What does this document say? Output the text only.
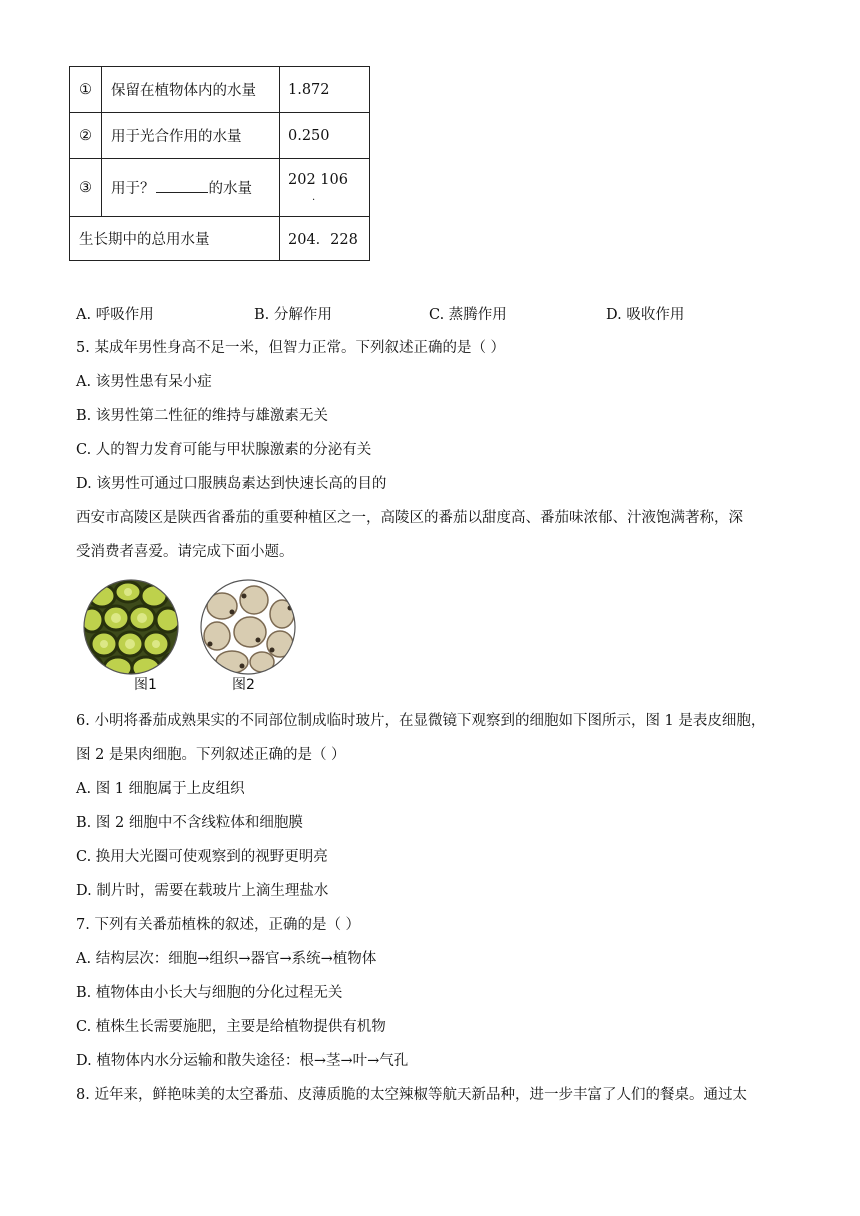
①	保留在植物体内的水量	1.872
②	用于光合作用的水量	0.250
③	用于？ 的水量	202 106
.

生长期中的总用水量		204．228
A. 呼吸作用	B. 分解作用	C. 蒸腾作用	D. 吸收作用
5. 某成年男性身高不足一米，但智力正常。下列叙述正确的是（ ）
A. 该男性患有呆小症
B. 该男性第二性征的维持与雄激素无关
C. 人的智力发育可能与甲状腺激素的分泌有关
D. 该男性可通过口服胰岛素达到快速长高的目的
西安市高陵区是陕西省番茄的重要种植区之一，高陵区的番茄以甜度高、番茄味浓郁、汁液饱满著称，深
受消费者喜爱。请完成下面小题。
图1	图2
6. 小明将番茄成熟果实的不同部位制成临时玻片，在显微镜下观察到的细胞如下图所示，图 1 是表皮细胞，
图 2 是果肉细胞。下列叙述正确的是（ ）
A. 图 1 细胞属于上皮组织
B. 图 2 细胞中不含线粒体和细胞膜
C. 换用大光圈可使观察到的视野更明亮
D. 制片时，需要在载玻片上滴生理盐水
7. 下列有关番茄植株的叙述，正确的是（ ）
A. 结构层次：细胞→组织→器官→系统→植物体
B. 植物体由小长大与细胞的分化过程无关
C. 植株生长需要施肥，主要是给植物提供有机物
D. 植物体内水分运输和散失途径：根→茎→叶→气孔
8. 近年来，鲜艳味美的太空番茄、皮薄质脆的太空辣椒等航天新品种，进一步丰富了人们的餐桌。通过太
